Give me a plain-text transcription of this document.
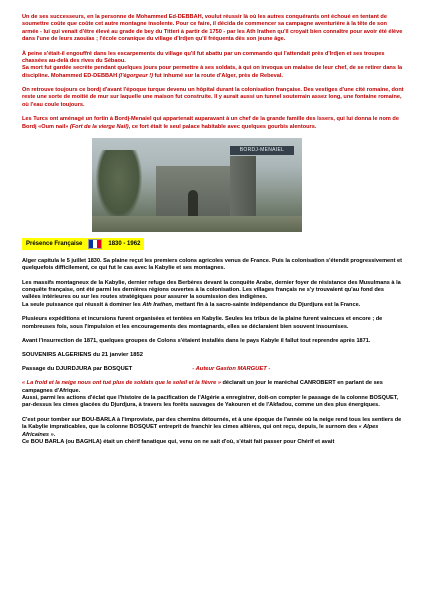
Un de ses successeurs, en la personne de Mohammed Ed-DEBBAH, voulut réussir là où les autres conquérants ont échoué en tentant de soumettre coûte que coûte cet autre montagne insolente. Pour ce faire, il décida de commencer sa campagne aventurière à la tête de son armée - lui qui venait d'être élevé au grade de bey du Titteri à partir de 1750 - par les Ath Irathen qu'il croyait bien connaître pour avoir été élève dans l'une de leurs zaouïas ; l'école coranique du village d'Irdjen qu'il fréquenta dès son jeune âge.

À peine s'était-il engouffré dans les escarpements du village qu'il fut abattu par un commando qui l'attendait près d'Irdjen et ses troupes chassées au-delà des rives du Sébaou.
Sa mort fut gardée secrète pendant quelques jours pour permettre à ses soldats, à qui on invoqua un malaise de leur chef, de se retirer dans la discipline. Mohammed ED-DEBBAH (l'égorgeur !) fut inhumé sur la route d'Alger, près de Rebeval.

On retrouve toujours ce bordj d'avant l'époque turque devenu un hôpital durant la colonisation française. Des vestiges d'une cité romaine, dont reste une sorte de moitié de mur sur laquelle une maison fut construite. Il y aurait aussi un tunnel souterrain assez long, une fontaine romaine, où l'eau coule toujours.

Les Turcs ont aménagé un fortin à Bordj-Menaiel qui appartenait auparavant à un chef de la grande famille des Issers, qui lui donna le nom de Bordj «Oum nail» (Fort de la vierge Nail), ce fort était le seul palace habitable avec quelques gourbis alentours.

BORDJ-MENAIEL
Présence Française	1830 - 1962

Alger capitula le 5 juillet 1830. Sa plaine reçut les premiers colons agricoles venus de France. Puis la colonisation s'étendit progressivement et quelquefois difficilement, ce qui fut le cas avec la Kabylie et ses montagnes.

Les massifs montagneux de la Kabylie, dernier refuge des Berbères devant la conquête Arabe, dernier foyer de résistance des Musulmans à la conquête française, ont été parmi les dernières régions ouvertes à la colonisation. Les villages français ne s'y trouvaient qu'au fond des vallées intérieures ou sur les routes stratégiques pour assurer la soumission des indigènes.
La seule puissance qui réussit à dominer les Ath Irathen, mettant fin à la sacro-sainte indépendance du Djurdjura est la France.

Plusieurs expéditions et incursions furent organisées et tentées en Kabylie. Seules les tribus de la plaine furent vaincues et encore ; de nombreuses fois, sous l'impulsion et les encouragements des montagnards, elles se déclaraient bien souvent insoumises.

Avant l'insurrection de 1871, quelques groupes de Colons s'étaient installés dans le pays Kabyle il fallut tout reprendre après 1871.

SOUVENIRS ALGERIENS du 21 janvier 1852
Passage du DJURDJURA par BOSQUET	- Auteur Gaston MARGUET -

« La froid et la neige nous ont tué plus de soldats que le soleil et la fièvre » déclarait un jour le maréchal CANROBERT en parlant de ses campagnes d'Afrique.
Aussi, parmi les actions d'éclat que l'histoire de la pacification de l'Algérie a enregistrer, doit-on compter le passage de la colonne BOSQUET, par-dessus les cimes glacées du Djurdjura, à travers les forêts sauvages de Yakouren et de l'Akfadou, comme un des plus énergiques.

C'est pour tomber sur BOU-BARLA à l'improviste, par des chemins détournés, et à une époque de l'année où la neige rend tous les sentiers de la Kabylie impraticables, que la colonne BOSQUET entreprit de franchir les cimes altières, qui ont reçu, depuis, le surnom des « Alpes Africaines ».
Ce BOU BARLA (ou BAGHLA) était un chérif fanatique qui, venu on ne sait d'où, s'était fait passer pour Chérif et avait
